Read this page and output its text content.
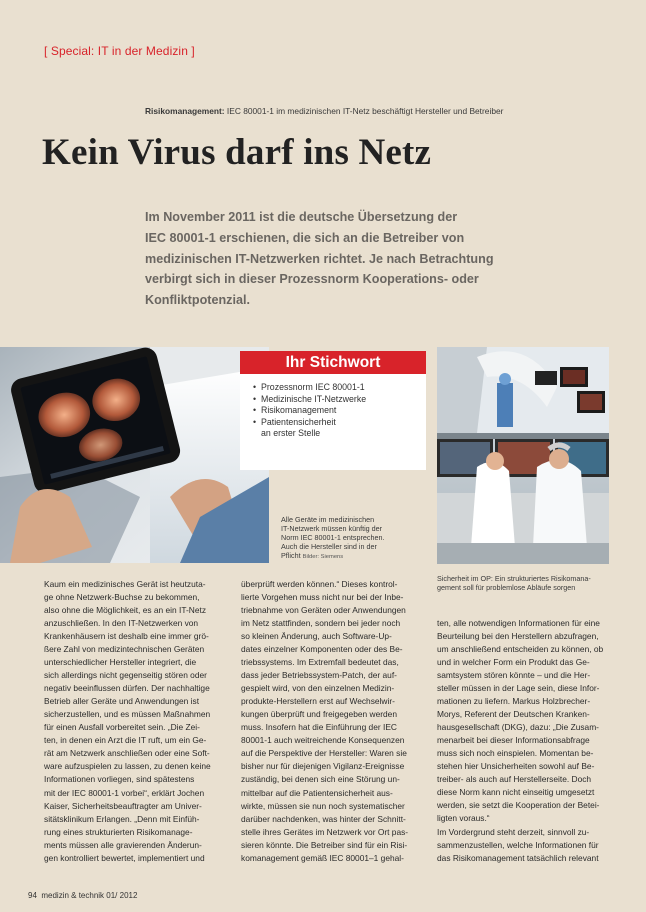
[ Special: IT in der Medizin ]
Risikomanagement: IEC 80001-1 im medizinischen IT-Netz beschäftigt Hersteller und Betreiber
Kein Virus darf ins Netz
Im November 2011 ist die deutsche Übersetzung der
IEC 80001-1 erschienen, die sich an die Betreiber von
medizinischen IT-Netzwerken richtet. Je nach Betrachtung
verbirgt sich in dieser Prozessnorm Kooperations- oder
Konfliktpotenzial.
Ihr Stichwort
• Prozessnorm IEC 80001-1
• Medizinische IT-Netzwerke
• Risikomanagement
• Patientensicherheit
an erster Stelle
Alle Geräte im medizinischen
IT-Netzwerk müssen künftig der
Norm IEC 80001-1 entsprechen.
Auch die Hersteller sind in der
Pflicht Bilder: Siemens
Sicherheit im OP: Ein strukturiertes Risikomana-
gement soll für problemlose Abläufe sorgen
Kaum ein medizinisches Gerät ist heutzuta-
ge ohne Netzwerk-Buchse zu bekommen,
also ohne die Möglichkeit, es an ein IT-Netz
anzuschließen. In den IT-Netzwerken von
Krankenhäusern ist deshalb eine immer grö-
ßere Zahl von medizintechnischen Geräten
unterschiedlicher Hersteller integriert, die
sich allerdings nicht gegenseitig stören oder
negativ beeinflussen dürfen. Der nachhaltige
Betrieb aller Geräte und Anwendungen ist
sicherzustellen, und es müssen Maßnahmen
für einen Ausfall vorbereitet sein. „Die Zei-
ten, in denen ein Arzt die IT ruft, um ein Ge-
rät am Netzwerk anschließen oder eine Soft-
ware aufzuspielen zu lassen, zu denen keine
Informationen vorliegen, sind spätestens
mit der IEC 80001-1 vorbei“, erklärt Jochen
Kaiser, Sicherheitsbeauftragter am Univer-
sitätsklinikum Erlangen. „Denn mit Einfüh-
rung eines strukturierten Risikomanage-
ments müssen alle gravierenden Änderun-
gen kontrolliert bewertet, implementiert und
überprüft werden können.“ Dieses kontrol-
lierte Vorgehen muss nicht nur bei der Inbe-
triebnahme von Geräten oder Anwendungen
im Netz stattfinden, sondern bei jeder noch
so kleinen Änderung, auch Software-Up-
dates einzelner Komponenten oder des Be-
triebssystems. Im Extremfall bedeutet das,
dass jeder Betriebssystem-Patch, der auf-
gespielt wird, von den einzelnen Medizin-
produkte-Herstellern erst auf Wechselwir-
kungen überprüft und freigegeben werden
muss. Insofern hat die Einführung der IEC
80001-1 auch weitreichende Konsequenzen
auf die Perspektive der Hersteller: Waren sie
bisher nur für diejenigen Vigilanz-Ereignisse
zuständig, bei denen sich eine Störung un-
mittelbar auf die Patientensicherheit aus-
wirkte, müssen sie nun noch systematischer
darüber nachdenken, was hinter der Schnitt-
stelle ihres Gerätes im Netzwerk vor Ort pas-
sieren könnte. Die Betreiber sind für ein Risi-
komanagement gemäß IEC 80001–1 gehal-
ten, alle notwendigen Informationen für eine
Beurteilung bei den Herstellern abzufragen,
um anschließend entscheiden zu können, ob
und in welcher Form ein Produkt das Ge-
samtsystem stören könnte – und die Her-
steller müssen in der Lage sein, diese Infor-
mationen zu liefern. Markus Holzbrecher-
Morys, Referent der Deutschen Kranken-
hausgesellschaft (DKG), dazu: „Die Zusam-
menarbeit bei dieser Informationsabfrage
muss sich noch einspielen. Momentan be-
stehen hier Unsicherheiten sowohl auf Be-
treiber- als auch auf Herstellerseite. Doch
diese Norm kann nicht einseitig umgesetzt
werden, sie setzt die Kooperation der Betei-
ligten voraus.“
Im Vordergrund steht derzeit, sinnvoll zu-
sammenzustellen, welche Informationen für
das Risikomanagement tatsächlich relevant
94 medizin & technik 01/ 2012
